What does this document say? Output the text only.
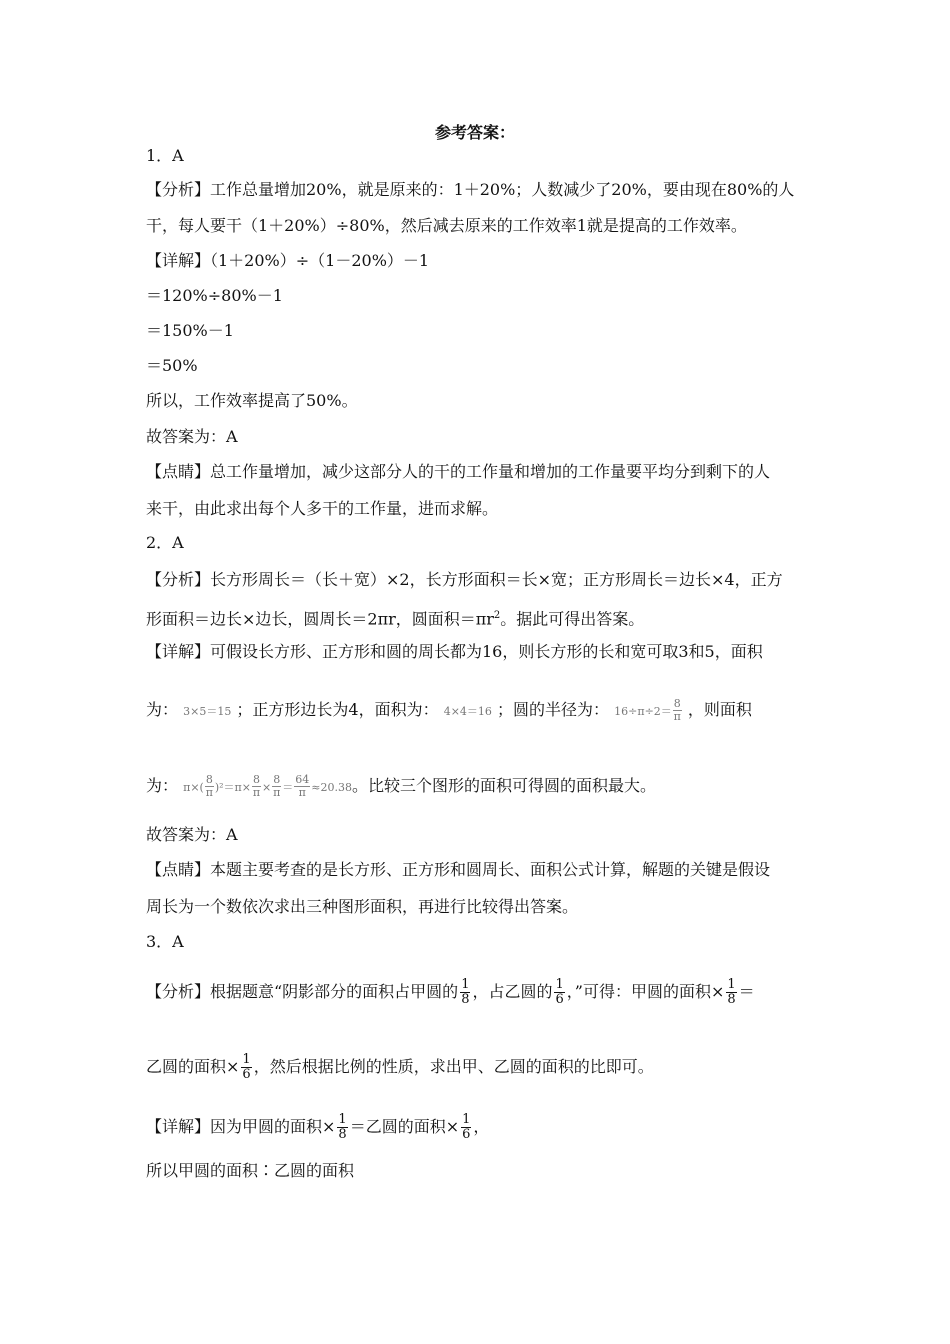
参考答案：
1．A
【分析】工作总量增加20%，就是原来的：1＋20%；人数减少了20%，要由现在80%的人
干，每人要干（1＋20%）÷80%，然后减去原来的工作效率1就是提高的工作效率。
【详解】（1＋20%）÷（1－20%）－1
＝120%÷80%－1
＝150%－1
＝50%
所以，工作效率提高了50%。
故答案为：A
【点睛】总工作量增加，减少这部分人的干的工作量和增加的工作量要平均分到剩下的人
来干，由此求出每个人多干的工作量，进而求解。
2．A
【分析】长方形周长＝（长＋宽）×2，长方形面积＝长×宽；正方形周长＝边长×4，正方
形面积＝边长×边长，圆周长＝2πr，圆面积$=\pi r^2$。据此可得出答案。
【详解】可假设长方形、正方形和圆的周长都为16，则长方形的长和宽可取3和5，面积
为： 3×5＝15 ；正方形边长为4，面积为： 4×4＝16 ；圆的半径为： $16\div\pi\div 2= \frac{8}{\pi}$ ，则面积
为： $\pi\times( \frac{8}{\pi} )^2=\pi\times \frac{8}{\pi} \times \frac{8}{\pi} = \frac{64}{\pi} \approx 20.38$。比较三个图形的面积可得圆的面积最大。
故答案为：A
【点睛】本题主要考查的是长方形、正方形和圆周长、面积公式计算，解题的关键是假设
周长为一个数依次求出三种图形面积，再进行比较得出答案。
3．A
【分析】根据题意“阴影部分的面积占甲圆的 $\frac{1}{8}$ ，占乙圆的 $\frac{1}{6}$ ，”可得：甲圆的面积× $\frac{1}{8}$ ＝
乙圆的面积× $\frac{1}{6}$ ，然后根据比例的性质，求出甲、乙圆的面积的比即可。
【详解】因为甲圆的面积× $\frac{1}{8}$ ＝乙圆的面积× $\frac{1}{6}$ ，
所以甲圆的面积∶乙圆的面积
